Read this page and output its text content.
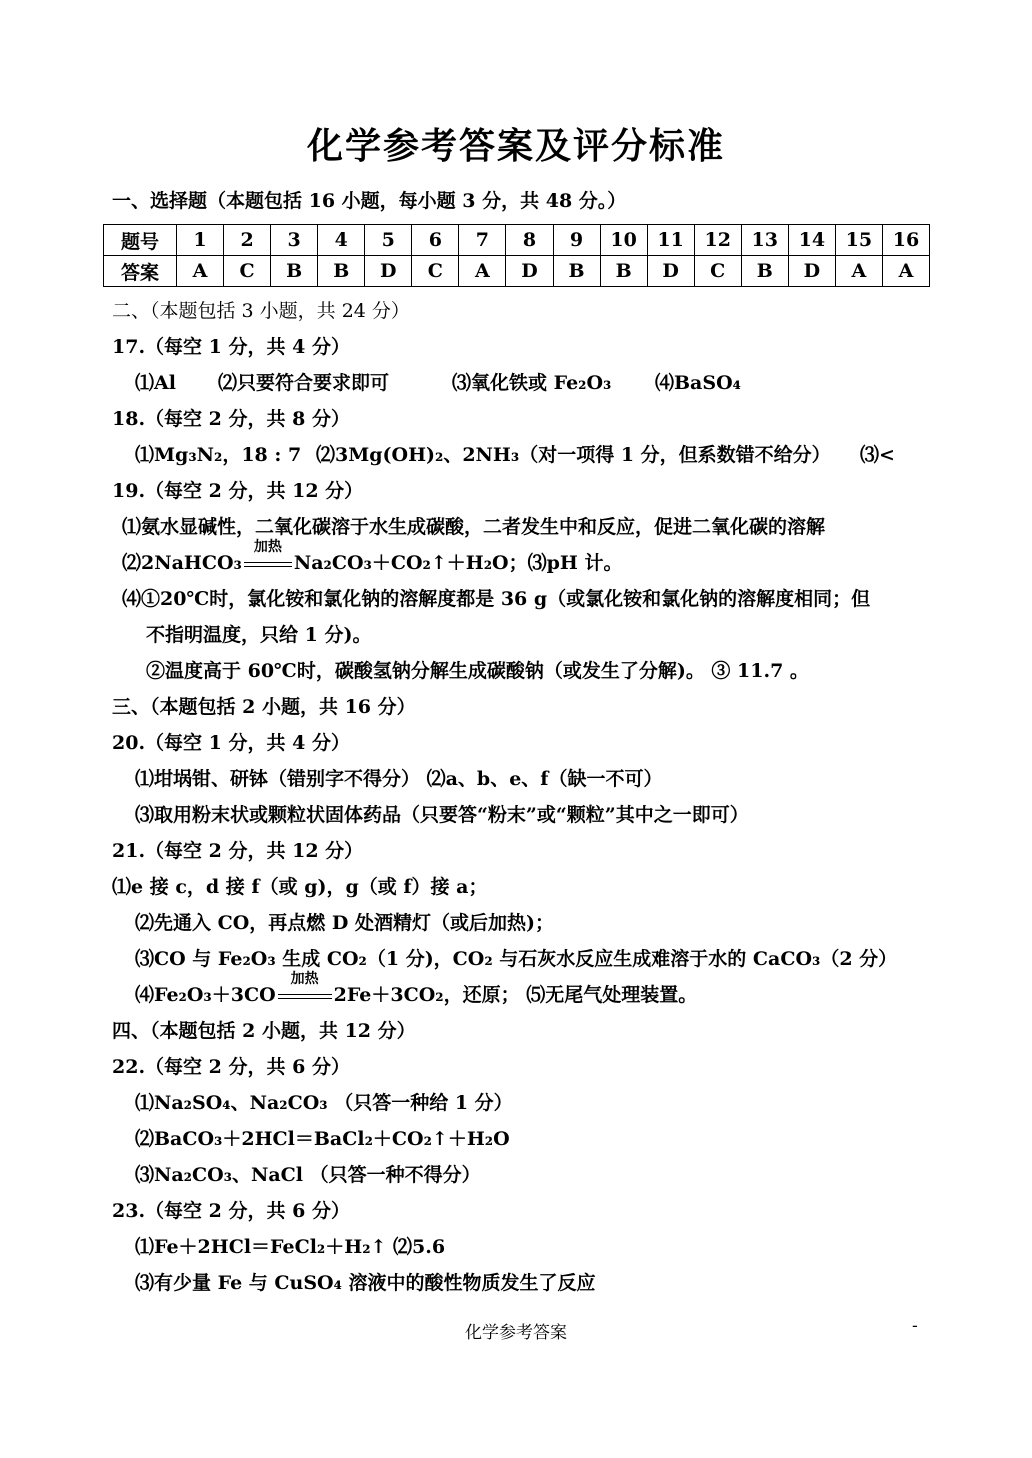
化学参考答案及评分标准
一、选择题（本题包括 16 小题，每小题 3 分，共 48 分。）
题号	1	2	3	4	5	6	7	8	9	10	11	12	13	14	15	16
答案	A	C	B	B	D	C	A	D	B	B	D	C	B	D	A	A
二、（本题包括 3 小题，共 24 分）
17.（每空 1 分，共 4 分）
⑴Al ⑵只要符合要求即可	⑶氧化铁或 Fe₂O₃ ⑷BaSO₄
18.（每空 2 分，共 8 分）
⑴Mg₃N₂，18 : 7 ⑵3Mg(OH)₂、2NH₃（对一项得 1 分，但系数错不给分） ⑶<
19.（每空 2 分，共 12 分）
⑴氨水显碱性，二氧化碳溶于水生成碳酸，二者发生中和反应，促进二氧化碳的溶解
⑵2NaHCO₃
加热
Na₂CO₃＋CO₂↑＋H₂O；⑶pH 计。
⑷①20℃时，氯化铵和氯化钠的溶解度都是 36 g（或氯化铵和氯化钠的溶解度相同；但
不指明温度，只给 1 分)。
②温度高于 60℃时，碳酸氢钠分解生成碳酸钠（或发生了分解)。 ③ 11.7 。
三、（本题包括 2 小题，共 16 分）
20.（每空 1 分，共 4 分）
⑴坩埚钳、研钵（错别字不得分） ⑵a、b、e、f（缺一不可）
⑶取用粉末状或颗粒状固体药品（只要答“粉末”或“颗粒”其中之一即可）
21.（每空 2 分，共 12 分）
⑴e 接 c，d 接 f（或 g)，g（或 f）接 a；
⑵先通入 CO，再点燃 D 处酒精灯（或后加热)；
⑶CO 与 Fe₂O₃ 生成 CO₂（1 分)，CO₂ 与石灰水反应生成难溶于水的 CaCO₃（2 分）
⑷Fe₂O₃＋3CO
加热
2Fe＋3CO₂，还原； ⑸无尾气处理装置。
四、（本题包括 2 小题，共 12 分）
22.（每空 2 分，共 6 分）
⑴Na₂SO₄、Na₂CO₃ （只答一种给 1 分）
⑵BaCO₃＋2HCl＝BaCl₂＋CO₂↑＋H₂O
⑶Na₂CO₃、NaCl （只答一种不得分）
23.（每空 2 分，共 6 分）
⑴Fe＋2HCl＝FeCl₂＋H₂↑ ⑵5.6
⑶有少量 Fe 与 CuSO₄ 溶液中的酸性物质发生了反应
化学参考答案	-
